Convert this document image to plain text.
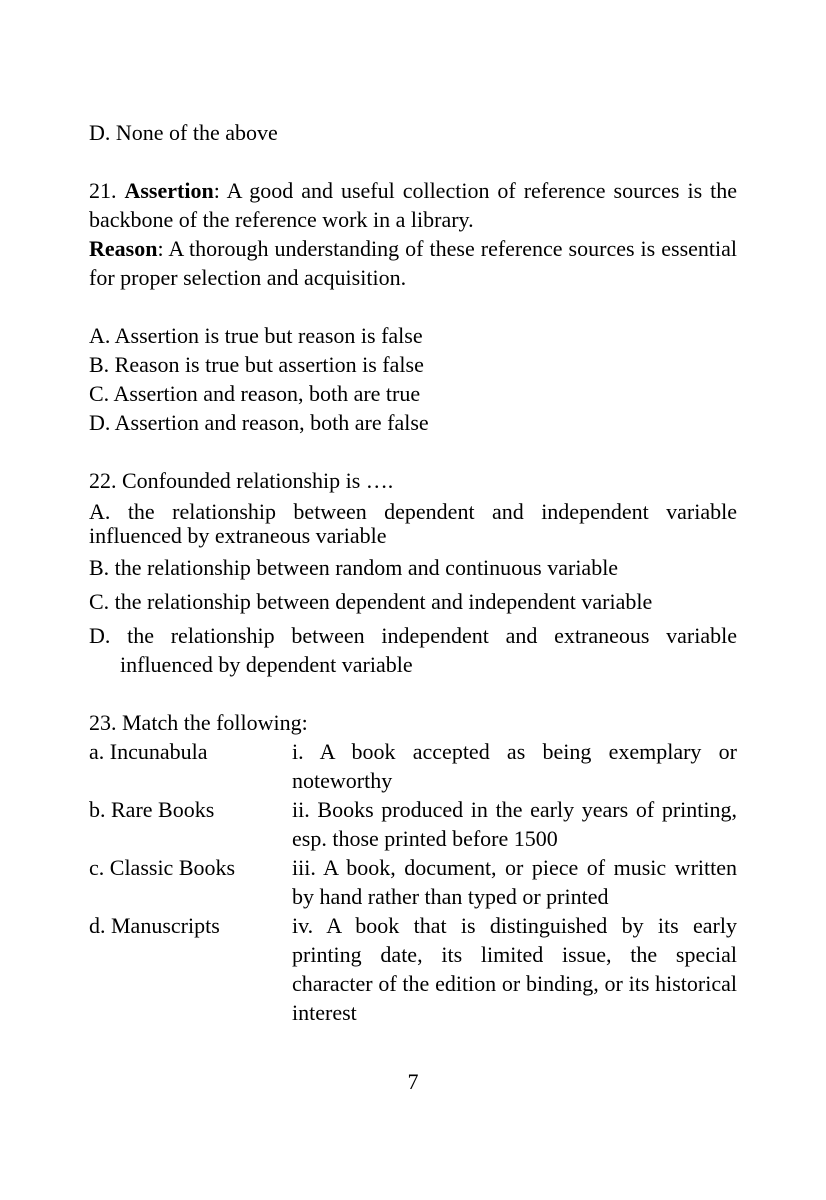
D. None of the above
21. Assertion: A good and useful collection of reference sources is the backbone of the reference work in a library.
Reason: A thorough understanding of these reference sources is essential for proper selection and acquisition.
A. Assertion is true but reason is false
B. Reason is true but assertion is false
C. Assertion and reason, both are true
D. Assertion and reason, both are false
22. Confounded relationship is ….
A. the relationship between dependent and independent variable influenced by extraneous variable
B. the relationship between random and continuous variable
C. the relationship between dependent and independent variable
D. the relationship between independent and extraneous variable influenced by dependent variable
23. Match the following:
a. Incunabula	i. A book accepted as being exemplary or noteworthy
b. Rare Books	ii. Books produced in the early years of printing, esp. those printed before 1500
c. Classic Books	iii. A book, document, or piece of music written by hand rather than typed or printed
d. Manuscripts	iv. A book that is distinguished by its early printing date, its limited issue, the special character of the edition or binding, or its historical interest
7
